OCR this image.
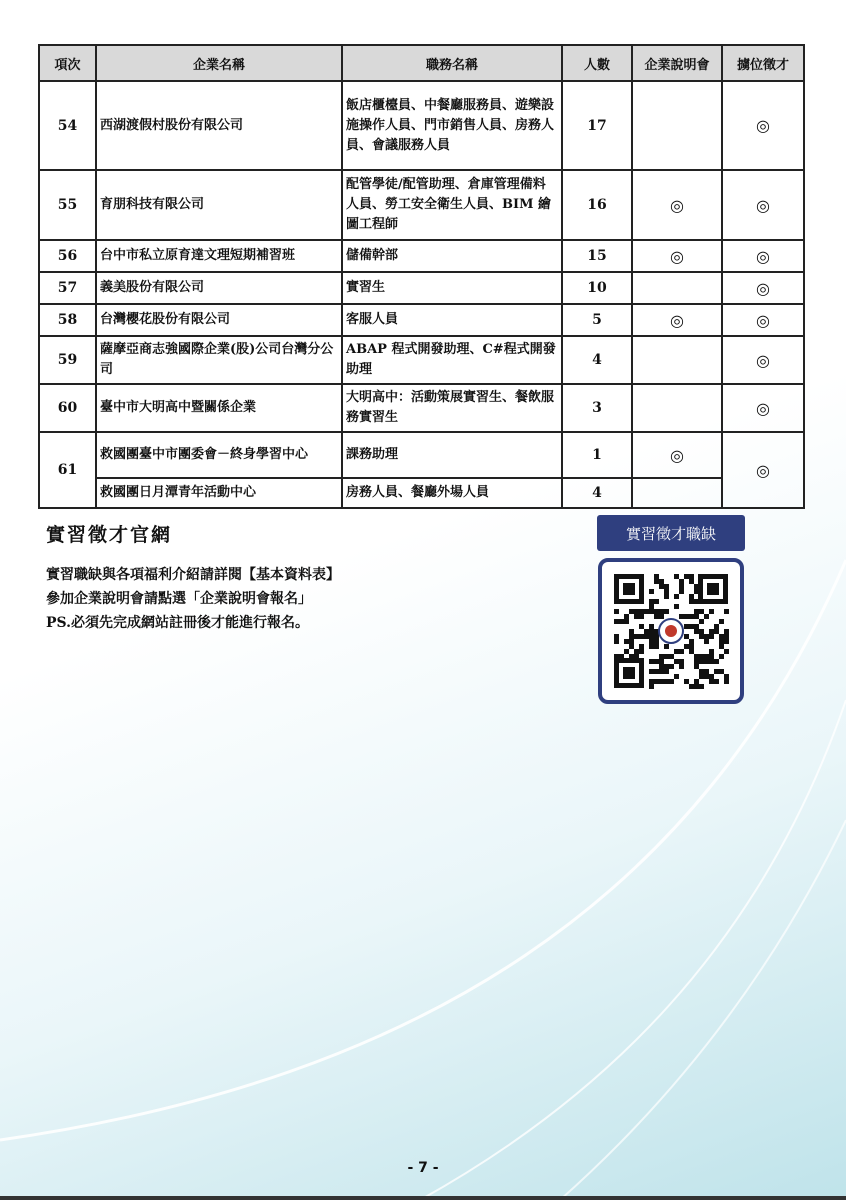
項次	企業名稱	職務名稱	人數	企業說明會	擄位徵才
54	西湖渡假村股份有限公司	飯店櫃檯員、中餐廳服務員、遊樂設施操作人員、門市銷售人員、房務人員、會議服務人員	17		◎
55	育朋科技有限公司	配管學徒/配管助理、倉庫管理備料人員、勞工安全衛生人員、BIM 繪圖工程師	16	◎	◎
56	台中市私立原育達文理短期補習班	儲備幹部	15	◎	◎
57	義美股份有限公司	實習生	10		◎
58	台灣櫻花股份有限公司	客服人員	5	◎	◎
59	薩摩亞商志強國際企業(股)公司台灣分公司	ABAP 程式開發助理、C#程式開發助理	4		◎
60	臺中市大明高中暨關係企業	大明高中：活動策展實習生、餐飲服務實習生	3		◎
61	救國團臺中市團委會－終身學習中心	課務助理	1	◎	◎
	救國團日月潭青年活動中心	房務人員、餐廳外場人員	4		
實習徵才官網
實習職缺與各項福利介紹請詳閱【基本資料表】
參加企業說明會請點選「企業說明會報名」
PS.必須先完成網站註冊後才能進行報名。
實習徵才職缺
- 7 -
